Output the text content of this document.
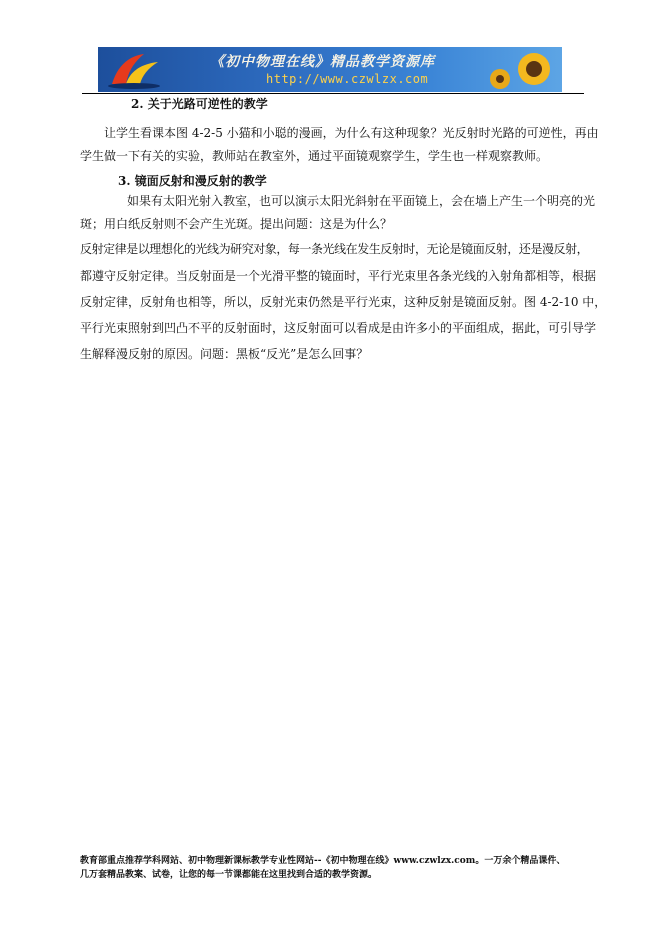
《初中物理在线》精品教学资源库
http://www.czwlzx.com
2. 关于光路可逆性的教学
让学生看课本图 4-2-5 小猫和小聪的漫画，为什么有这种现象？光反射时光路的可逆性，再由
学生做一下有关的实验，教师站在教室外，通过平面镜观察学生，学生也一样观察教师。
3. 镜面反射和漫反射的教学
如果有太阳光射入教室，也可以演示太阳光斜射在平面镜上，会在墙上产生一个明亮的光
斑；用白纸反射则不会产生光斑。提出问题：这是为什么？
反射定律是以理想化的光线为研究对象，每一条光线在发生反射时，无论是镜面反射，还是漫反射，
都遵守反射定律。当反射面是一个光滑平整的镜面时，平行光束里各条光线的入射角都相等，根据
反射定律，反射角也相等，所以，反射光束仍然是平行光束，这种反射是镜面反射。图 4-2-10 中，
平行光束照射到凹凸不平的反射面时，这反射面可以看成是由许多小的平面组成，据此，可引导学
生解释漫反射的原因。问题：黑板“反光”是怎么回事？
教育部重点推荐学科网站、初中物理新课标教学专业性网站--《初中物理在线》www.czwlzx.com。一万余个精品课件、
几万套精品教案、试卷，让您的每一节课都能在这里找到合适的教学资源。
